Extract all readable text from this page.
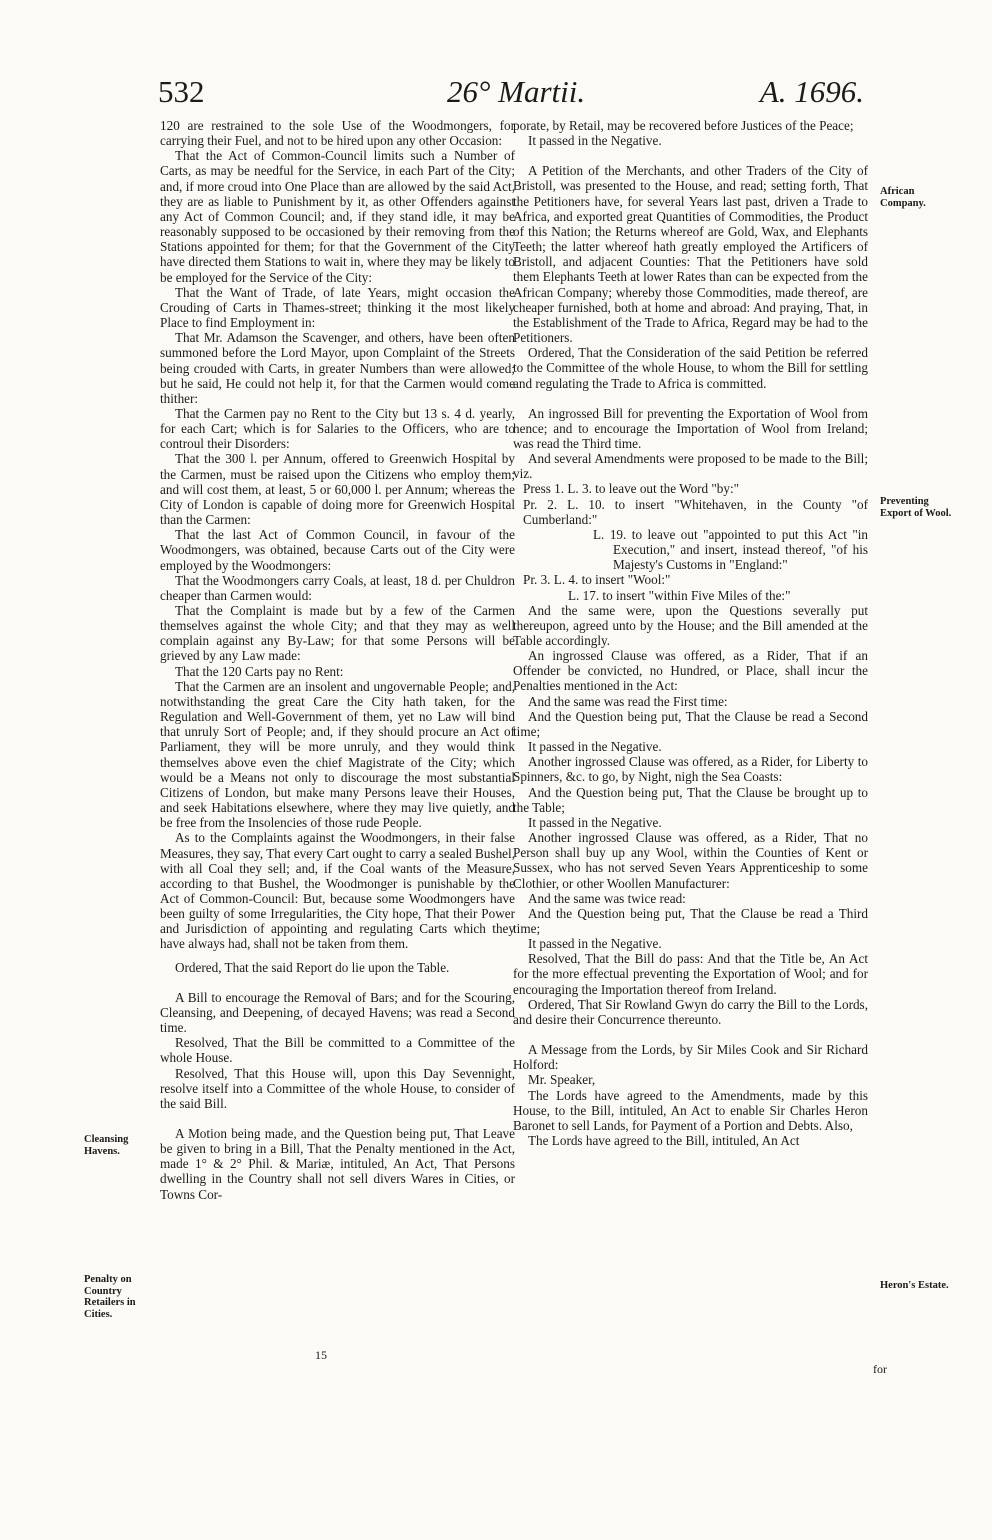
532	26° Martii.	A. 1696.

120 are restrained to the sole Use of the Woodmongers, for carrying their Fuel, and not to be hired upon any other Occasion:

That the Act of Common-Council limits such a Number of Carts, as may be needful for the Service, in each Part of the City; and, if more croud into One Place than are allowed by the said Act, they are as liable to Punishment by it, as other Offenders against any Act of Common Council; and, if they stand idle, it may be reasonably supposed to be occasioned by their removing from the Stations appointed for them; for that the Government of the City have directed them Stations to wait in, where they may be likely to be employed for the Service of the City:

That the Want of Trade, of late Years, might occasion the Crouding of Carts in Thames-street; thinking it the most likely Place to find Employment in:

That Mr. Adamson the Scavenger, and others, have been often summoned before the Lord Mayor, upon Complaint of the Streets being crouded with Carts, in greater Numbers than were allowed; but he said, He could not help it, for that the Carmen would come thither:

That the Carmen pay no Rent to the City but 13 s. 4 d. yearly, for each Cart; which is for Salaries to the Officers, who are to controul their Disorders:

That the 300 l. per Annum, offered to Greenwich Hospital by the Carmen, must be raised upon the Citizens who employ them; and will cost them, at least, 5 or 60,000 l. per Annum; whereas the City of London is capable of doing more for Greenwich Hospital than the Carmen:

That the last Act of Common Council, in favour of the Woodmongers, was obtained, because Carts out of the City were employed by the Woodmongers:

That the Woodmongers carry Coals, at least, 18 d. per Chuldron cheaper than Carmen would:

That the Complaint is made but by a few of the Carmen themselves against the whole City; and that they may as well complain against any By-Law; for that some Persons will be grieved by any Law made:

That the 120 Carts pay no Rent:

That the Carmen are an insolent and ungovernable People; and, notwithstanding the great Care the City hath taken, for the Regulation and Well-Government of them, yet no Law will bind that unruly Sort of People; and, if they should procure an Act of Parliament, they will be more unruly, and they would think themselves above even the chief Magistrate of the City; which would be a Means not only to discourage the most substantial Citizens of London, but make many Persons leave their Houses, and seek Habitations elsewhere, where they may live quietly, and be free from the Insolencies of those rude People.

As to the Complaints against the Woodmongers, in their false Measures, they say, That every Cart ought to carry a sealed Bushel, with all Coal they sell; and, if the Coal wants of the Measure, according to that Bushel, the Woodmonger is punishable by the Act of Common-Council: But, because some Woodmongers have been guilty of some Irregularities, the City hope, That their Power and Jurisdiction of appointing and regulating Carts which they have always had, shall not be taken from them.

Ordered, That the said Report do lie upon the Table.

A Bill to encourage the Removal of Bars; and for the Scouring, Cleansing, and Deepening, of decayed Havens; was read a Second time.

Resolved, That the Bill be committed to a Committee of the whole House.

Resolved, That this House will, upon this Day Sevennight, resolve itself into a Committee of the whole House, to consider of the said Bill.

A Motion being made, and the Question being put, That Leave be given to bring in a Bill, That the Penalty mentioned in the Act, made 1° & 2° Phil. & Mariæ, intituled, An Act, That Persons dwelling in the Country shall not sell divers Wares in Cities, or Towns Cor-

porate, by Retail, may be recovered before Justices of the Peace;

It passed in the Negative.

A Petition of the Merchants, and other Traders of the City of Bristoll, was presented to the House, and read; setting forth, That the Petitioners have, for several Years last past, driven a Trade to Africa, and exported great Quantities of Commodities, the Product of this Nation; the Returns whereof are Gold, Wax, and Elephants Teeth; the latter whereof hath greatly employed the Artificers of Bristoll, and adjacent Counties: That the Petitioners have sold them Elephants Teeth at lower Rates than can be expected from the African Company; whereby those Commodities, made thereof, are cheaper furnished, both at home and abroad: And praying, That, in the Establishment of the Trade to Africa, Regard may be had to the Petitioners.

Ordered, That the Consideration of the said Petition be referred to the Committee of the whole House, to whom the Bill for settling and regulating the Trade to Africa is committed.

An ingrossed Bill for preventing the Exportation of Wool from hence; and to encourage the Importation of Wool from Ireland; was read the Third time.

And several Amendments were proposed to be made to the Bill; viz.

Press 1. L. 3. to leave out the Word "by:"

Pr. 2. L. 10. to insert "Whitehaven, in the County "of Cumberland:"

L. 19. to leave out "appointed to put this Act "in Execution," and insert, instead thereof, "of his Majesty's Customs in "England:"

Pr. 3. L. 4. to insert "Wool:"

L. 17. to insert "within Five Miles of the:"

And the same were, upon the Questions severally put thereupon, agreed unto by the House; and the Bill amended at the Table accordingly.

An ingrossed Clause was offered, as a Rider, That if an Offender be convicted, no Hundred, or Place, shall incur the Penalties mentioned in the Act:

And the same was read the First time:

And the Question being put, That the Clause be read a Second time;

It passed in the Negative.

Another ingrossed Clause was offered, as a Rider, for Liberty to Spinners, &c. to go, by Night, nigh the Sea Coasts:

And the Question being put, That the Clause be brought up to the Table;

It passed in the Negative.

Another ingrossed Clause was offered, as a Rider, That no Person shall buy up any Wool, within the Counties of Kent or Sussex, who has not served Seven Years Apprenticeship to some Clothier, or other Woollen Manufacturer:

And the same was twice read:

And the Question being put, That the Clause be read a Third time;

It passed in the Negative.

Resolved, That the Bill do pass: And that the Title be, An Act for the more effectual preventing the Exportation of Wool; and for encouraging the Importation thereof from Ireland.

Ordered, That Sir Rowland Gwyn do carry the Bill to the Lords, and desire their Concurrence thereunto.

A Message from the Lords, by Sir Miles Cook and Sir Richard Holford:

Mr. Speaker,

The Lords have agreed to the Amendments, made by this House, to the Bill, intituled, An Act to enable Sir Charles Heron Baronet to sell Lands, for Payment of a Portion and Debts. Also,

The Lords have agreed to the Bill, intituled, An Act

Cleansing Havens.
Penalty on Country Retailers in Cities.
African Company.
Preventing Export of Wool.
Heron's Estate.
15
for
